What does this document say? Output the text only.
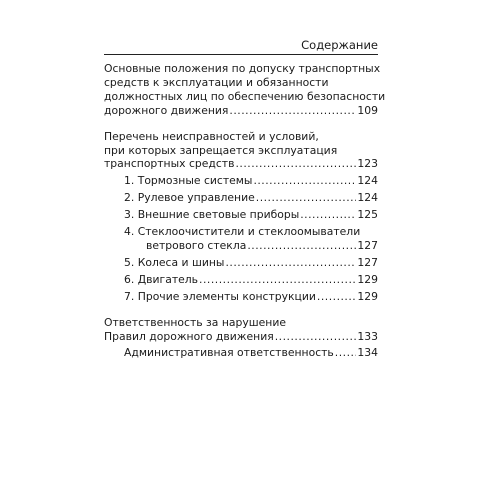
Содержание
Основные положения по допуску транспортных
средств к эксплуатации и обязанности
должностных лиц по обеспечению безопасности
дорожного движения .....	109
Перечень неисправностей и условий,
при которых запрещается эксплуатация
транспортных средств .....	123
1. Тормозные системы .....	124
2. Рулевое управление .....	124
3. Внешние световые приборы .....	125
4. Стеклоочистители и стеклоомыватели
ветрового стекла .....	127
5. Колеса и шины .....	127
6. Двигатель .....	129
7. Прочие элементы конструкции .....	129
Ответственность за нарушение
Правил дорожного движения .....	133
Административная ответственность ..... 134
